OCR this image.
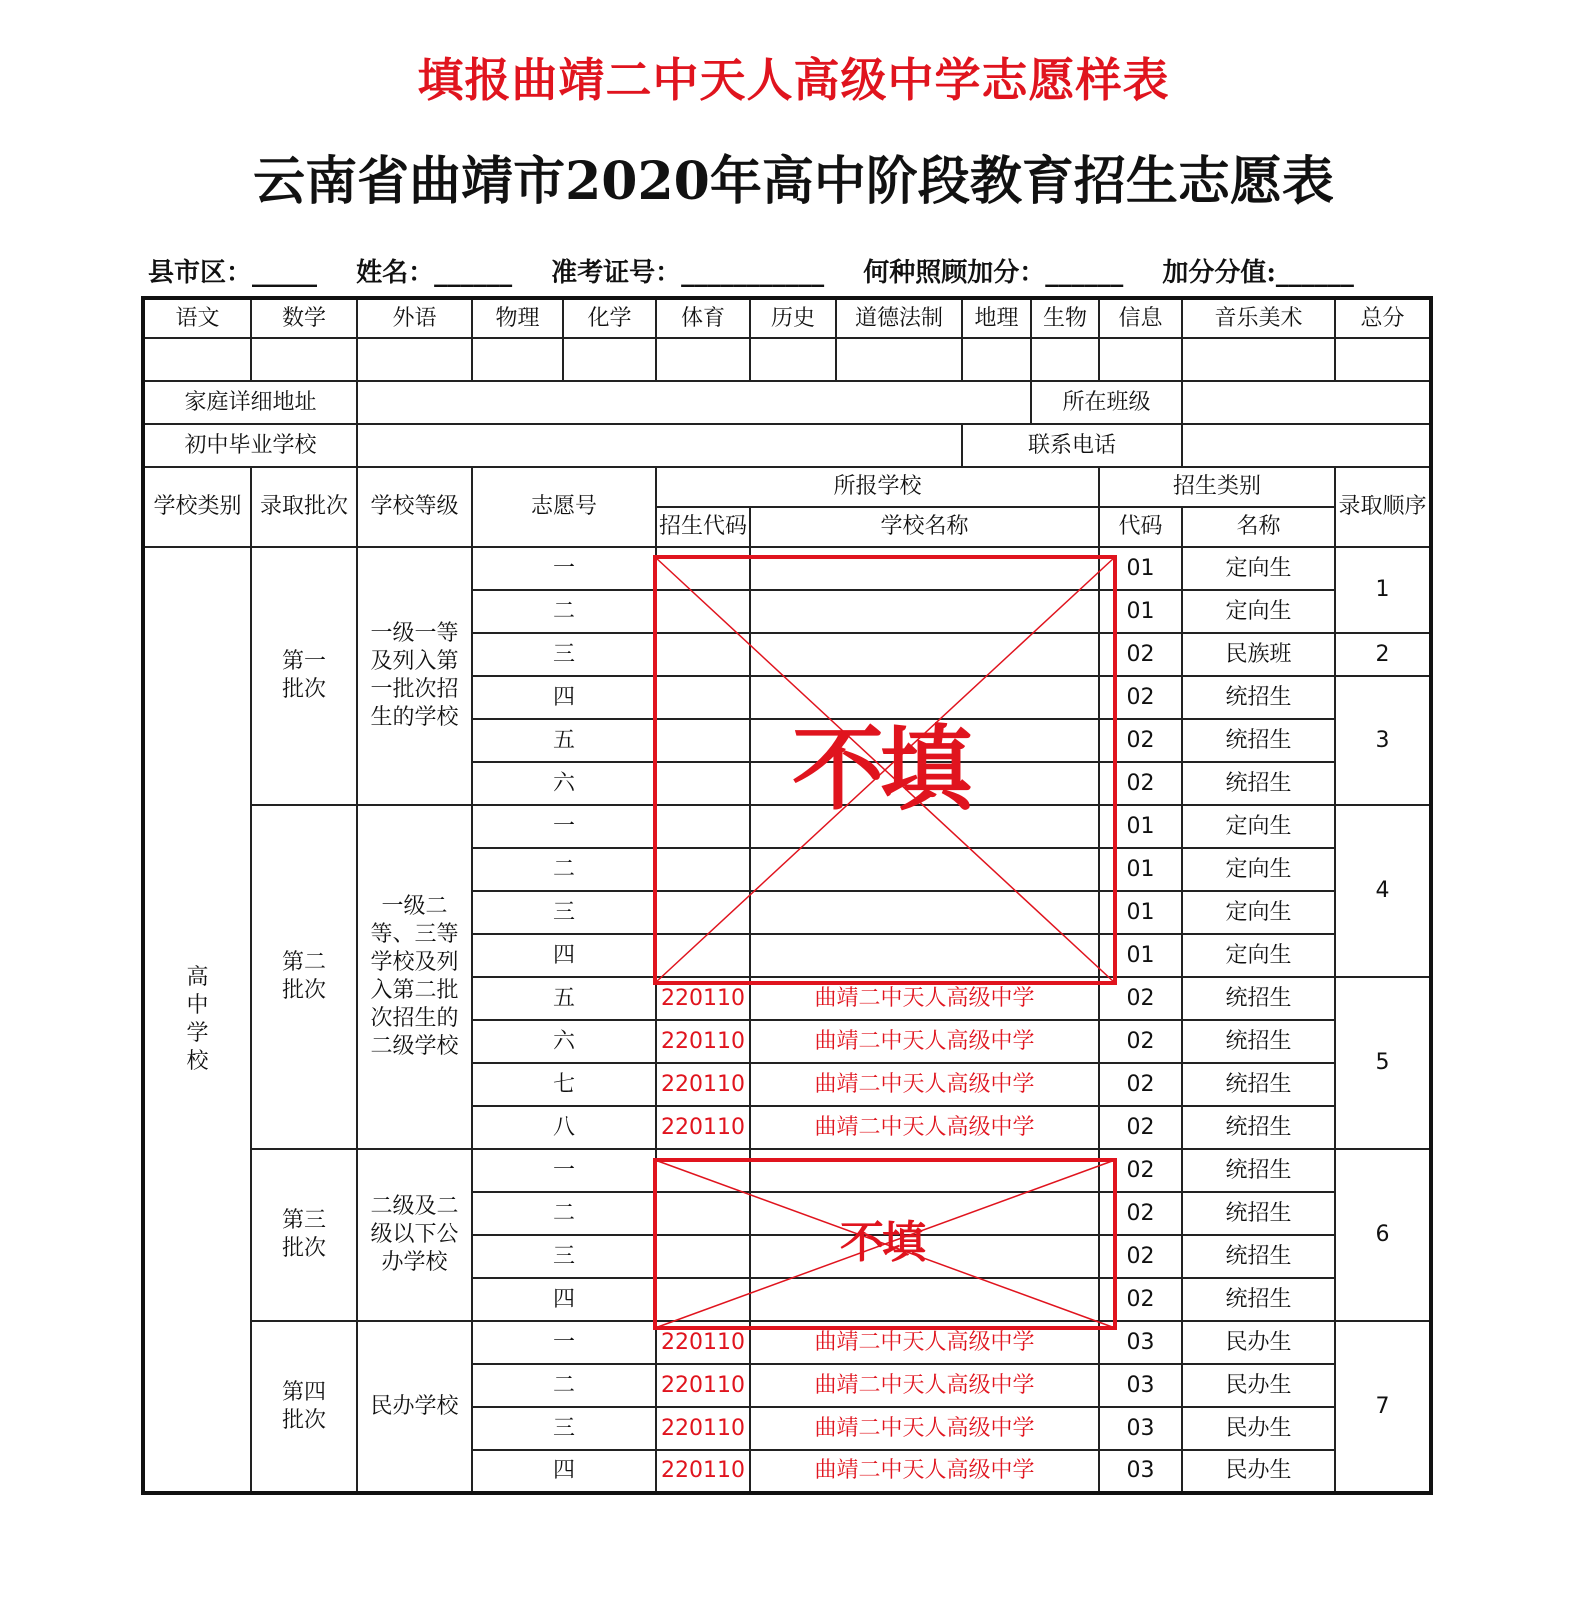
填报曲靖二中天人高级中学志愿样表
云南省曲靖市2020年高中阶段教育招生志愿表
县市区：_____ 姓名：______ 准考证号：___________ 何种照顾加分：______ 加分分值:______
语文	数学	外语	物理	化学	体育	历史	道德法制	地理	生物	信息	音乐美术	总分

家庭详细地址									所在班级			
初中毕业学校								联系电话				
学校类别	录取批次	学校等级	志愿号		所报学校					招生类别		录取顺序
					招生代码	学校名称				代码	名称	
高中学校	第一批次	一级一等及列入第一批次招生的学校	一							01	定向生	1
			二							01	定向生	
			三							02	民族班	2
			四							02	统招生	3
			五							02	统招生	
			六							02	统招生	
	第二批次	一级二等、三等学校及列入第二批次招生的二级学校	一							01	定向生	4
			二							01	定向生	
			三							01	定向生	
			四							01	定向生	
			五		220110	曲靖二中天人高级中学				02	统招生	5
			六		220110	曲靖二中天人高级中学				02	统招生	
			七		220110	曲靖二中天人高级中学				02	统招生	
			八		220110	曲靖二中天人高级中学				02	统招生	
	第三批次	二级及二级以下公办学校	一							02	统招生	6
			二							02	统招生	
			三							02	统招生	
			四							02	统招生	
	第四批次	民办学校	一		220110	曲靖二中天人高级中学				03	民办生	7
			二		220110	曲靖二中天人高级中学				03	民办生	
			三		220110	曲靖二中天人高级中学				03	民办生	
			四		220110	曲靖二中天人高级中学				03	民办生	
不填
不填
